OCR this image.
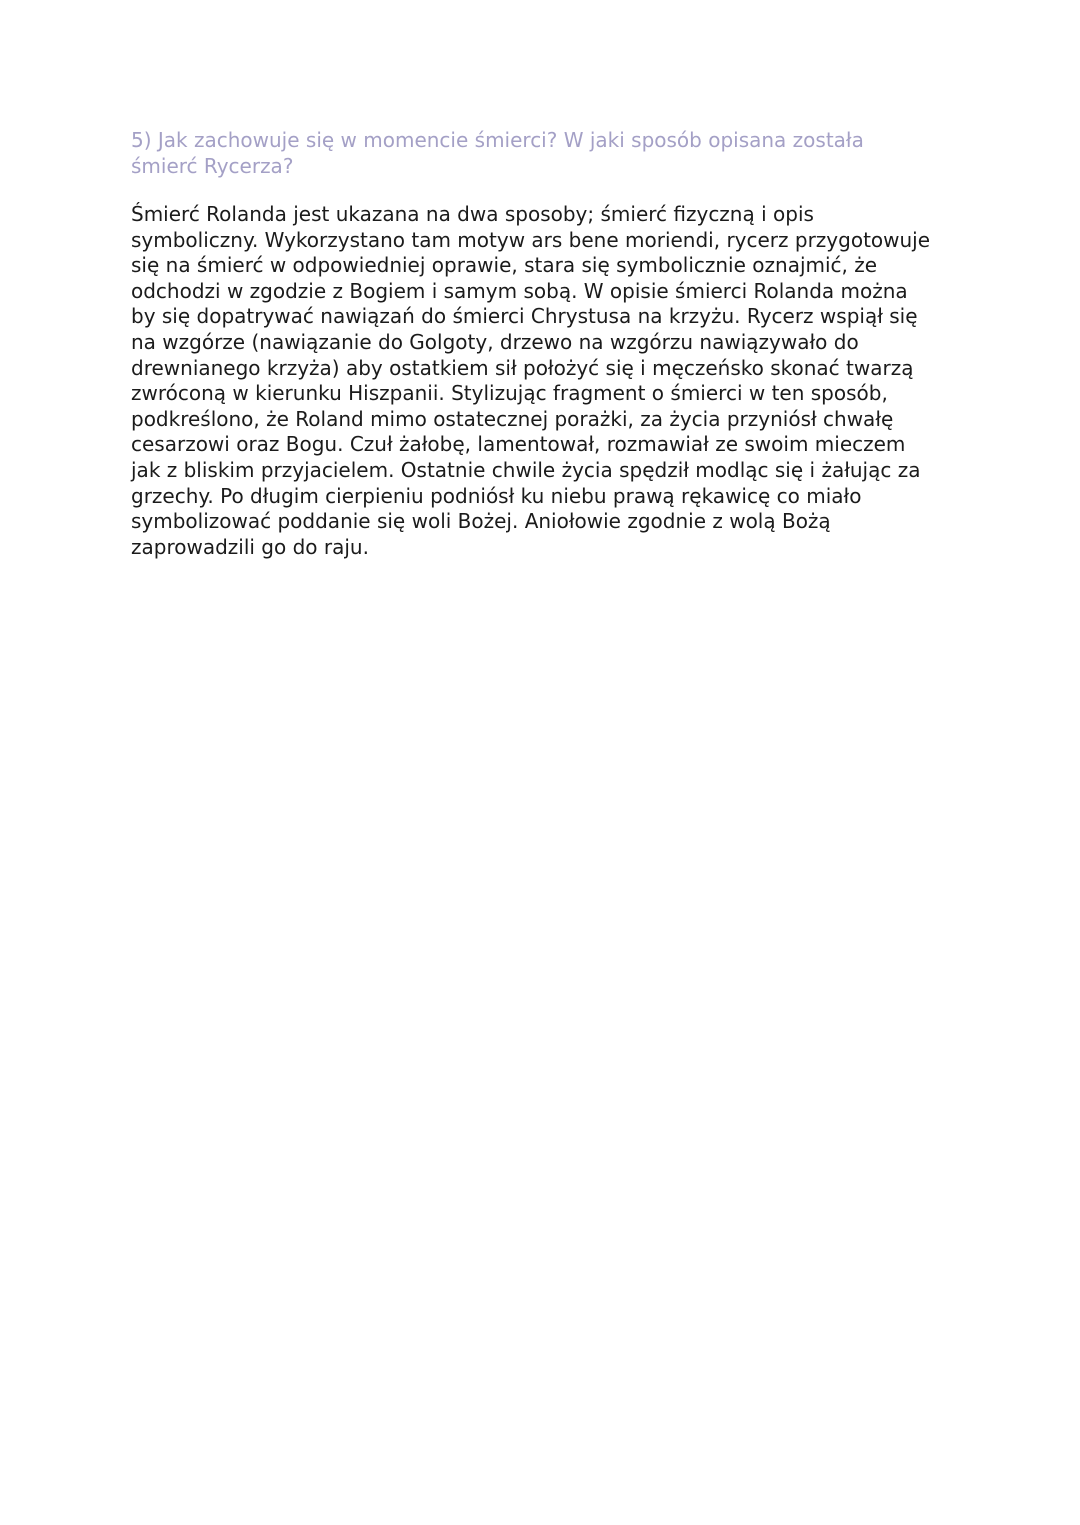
5) Jak zachowuje się w momencie śmierci? W jaki sposób opisana została
śmierć Rycerza?

Śmierć Rolanda jest ukazana na dwa sposoby; śmierć fizyczną i opis
symboliczny. Wykorzystano tam motyw ars bene moriendi, rycerz przygotowuje
się na śmierć w odpowiedniej oprawie, stara się symbolicznie oznajmić, że
odchodzi w zgodzie z Bogiem i samym sobą. W opisie śmierci Rolanda można
by się dopatrywać nawiązań do śmierci Chrystusa na krzyżu. Rycerz wspiął się
na wzgórze (nawiązanie do Golgoty, drzewo na wzgórzu nawiązywało do
drewnianego krzyża) aby ostatkiem sił położyć się i męczeńsko skonać twarzą
zwróconą w kierunku Hiszpanii. Stylizując fragment o śmierci w ten sposób,
podkreślono, że Roland mimo ostatecznej porażki, za życia przyniósł chwałę
cesarzowi oraz Bogu. Czuł żałobę, lamentował, rozmawiał ze swoim mieczem
jak z bliskim przyjacielem. Ostatnie chwile życia spędził modląc się i żałując za
grzechy. Po długim cierpieniu podniósł ku niebu prawą rękawicę co miało
symbolizować poddanie się woli Bożej. Aniołowie zgodnie z wolą Bożą
zaprowadzili go do raju.
